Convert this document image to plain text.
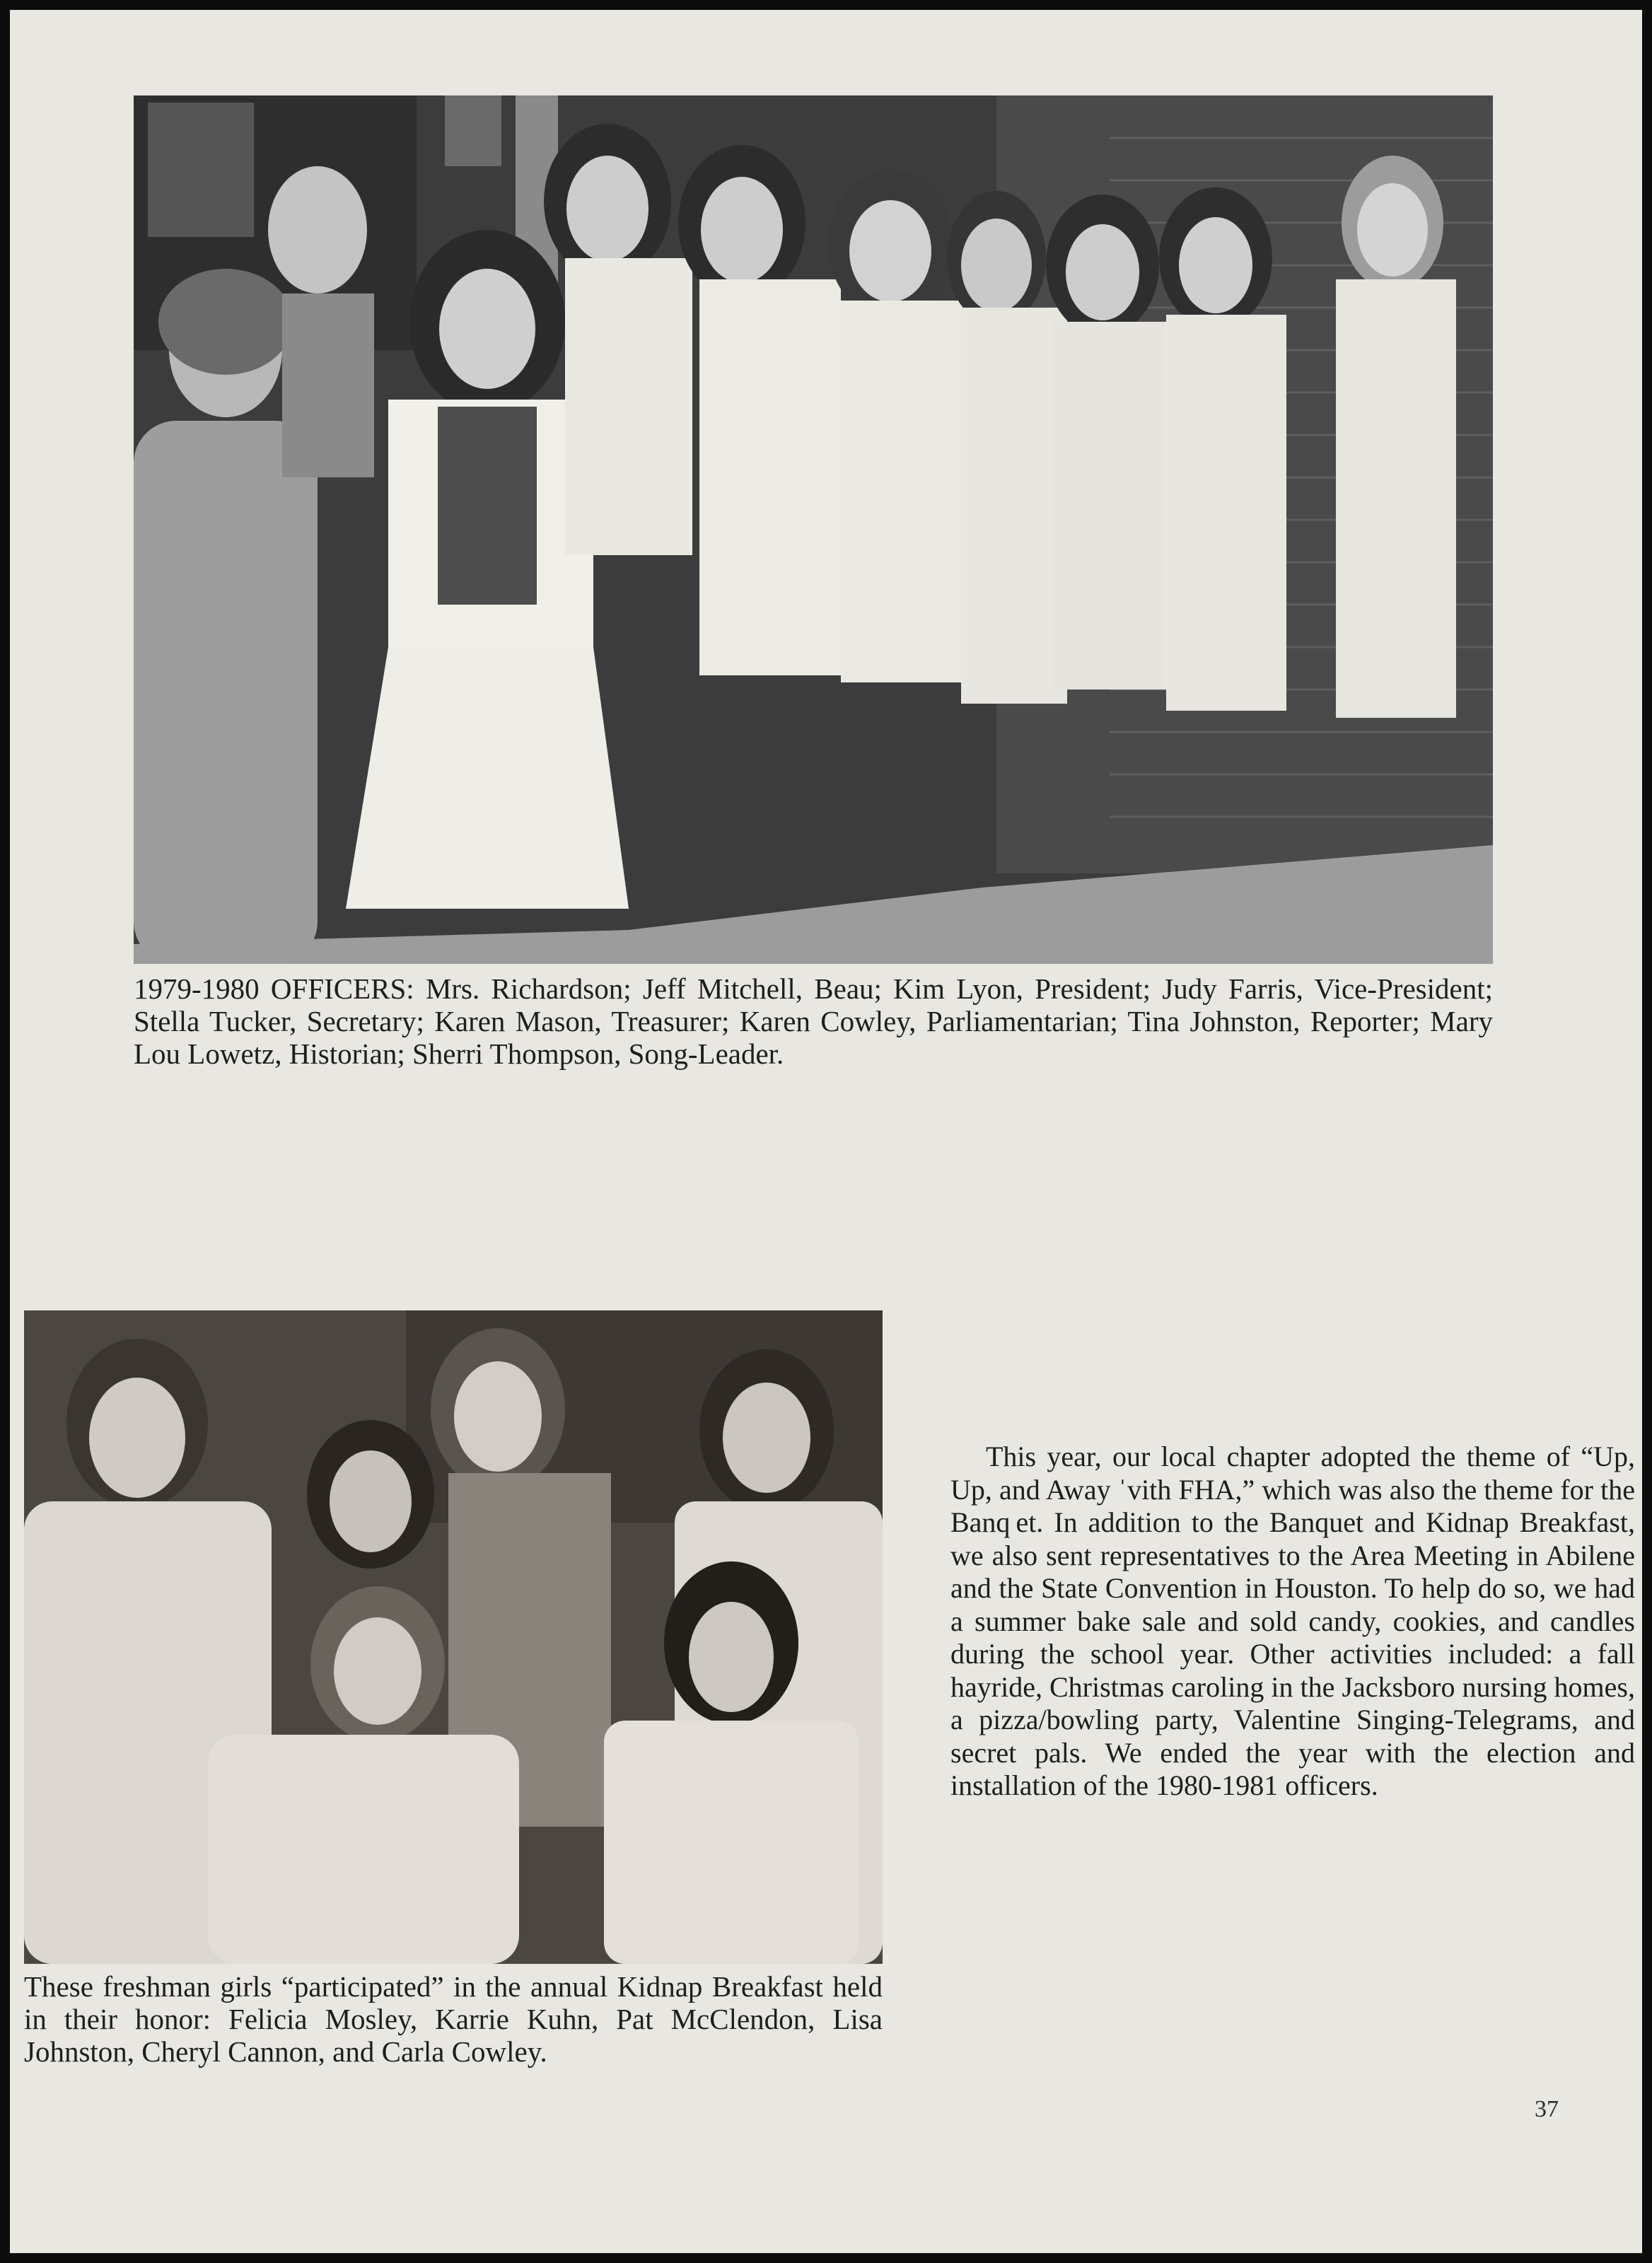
1979-1980 OFFICERS: Mrs. Richardson; Jeff Mitchell, Beau; Kim Lyon, President; Judy Farris, Vice-President; Stella Tucker, Secretary; Karen Mason, Treasurer; Karen Cowley, Parliamentarian; Tina Johnston, Reporter; Mary Lou Lowetz, Historian; Sherri Thompson, Song-Leader.
These freshman girls “participated” in the annual Kidnap Breakfast held in their honor: Felicia Mosley, Karrie Kuhn, Pat McClendon, Lisa Johnston, Cheryl Cannon, and Carla Cowley.
This year, our local chapter adopted the theme of “Up, Up, and Away ˈvith FHA,” which was also the theme for the Banq et. In addition to the Banquet and Kidnap Breakfast, we also sent representatives to the Area Meeting in Abilene and the State Convention in Houston. To help do so, we had a summer bake sale and sold candy, cookies, and candles during the school year. Other activities included: a fall hayride, Christmas caroling in the Jacksboro nursing homes, a pizza/bowling party, Valentine Singing-Telegrams, and secret pals. We ended the year with the election and installation of the 1980-1981 officers.
37
